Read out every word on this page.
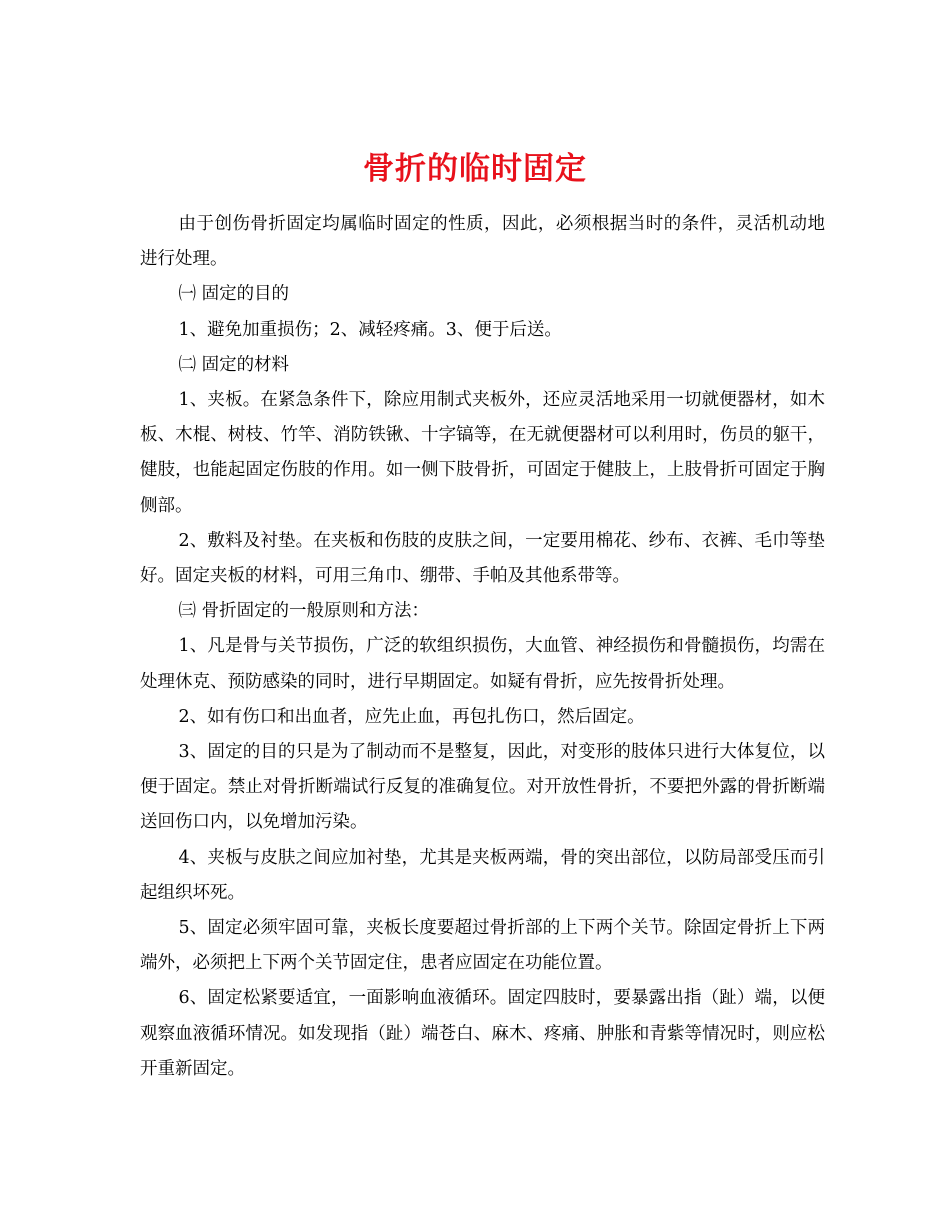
骨折的临时固定

由于创伤骨折固定均属临时固定的性质，因此，必须根据当时的条件，灵活机动地进行处理。

㈠ 固定的目的

1、避免加重损伤；2、减轻疼痛。3、便于后送。

㈡ 固定的材料

1、夹板。在紧急条件下，除应用制式夹板外，还应灵活地采用一切就便器材，如木板、木棍、树枝、竹竿、消防铁锹、十字镐等，在无就便器材可以利用时，伤员的躯干，健肢，也能起固定伤肢的作用。如一侧下肢骨折，可固定于健肢上，上肢骨折可固定于胸侧部。

2、敷料及衬垫。在夹板和伤肢的皮肤之间，一定要用棉花、纱布、衣裤、毛巾等垫好。固定夹板的材料，可用三角巾、绷带、手帕及其他系带等。

㈢ 骨折固定的一般原则和方法：

1、凡是骨与关节损伤，广泛的软组织损伤，大血管、神经损伤和骨髓损伤，均需在处理休克、预防感染的同时，进行早期固定。如疑有骨折，应先按骨折处理。

2、如有伤口和出血者，应先止血，再包扎伤口，然后固定。

3、固定的目的只是为了制动而不是整复，因此，对变形的肢体只进行大体复位，以便于固定。禁止对骨折断端试行反复的准确复位。对开放性骨折，不要把外露的骨折断端送回伤口内，以免增加污染。

4、夹板与皮肤之间应加衬垫，尤其是夹板两端，骨的突出部位，以防局部受压而引起组织坏死。

5、固定必须牢固可靠，夹板长度要超过骨折部的上下两个关节。除固定骨折上下两端外，必须把上下两个关节固定住，患者应固定在功能位置。

6、固定松紧要适宜，一面影响血液循环。固定四肢时，要暴露出指（趾）端，以便观察血液循环情况。如发现指（趾）端苍白、麻木、疼痛、肿胀和青紫等情况时，则应松开重新固定。
